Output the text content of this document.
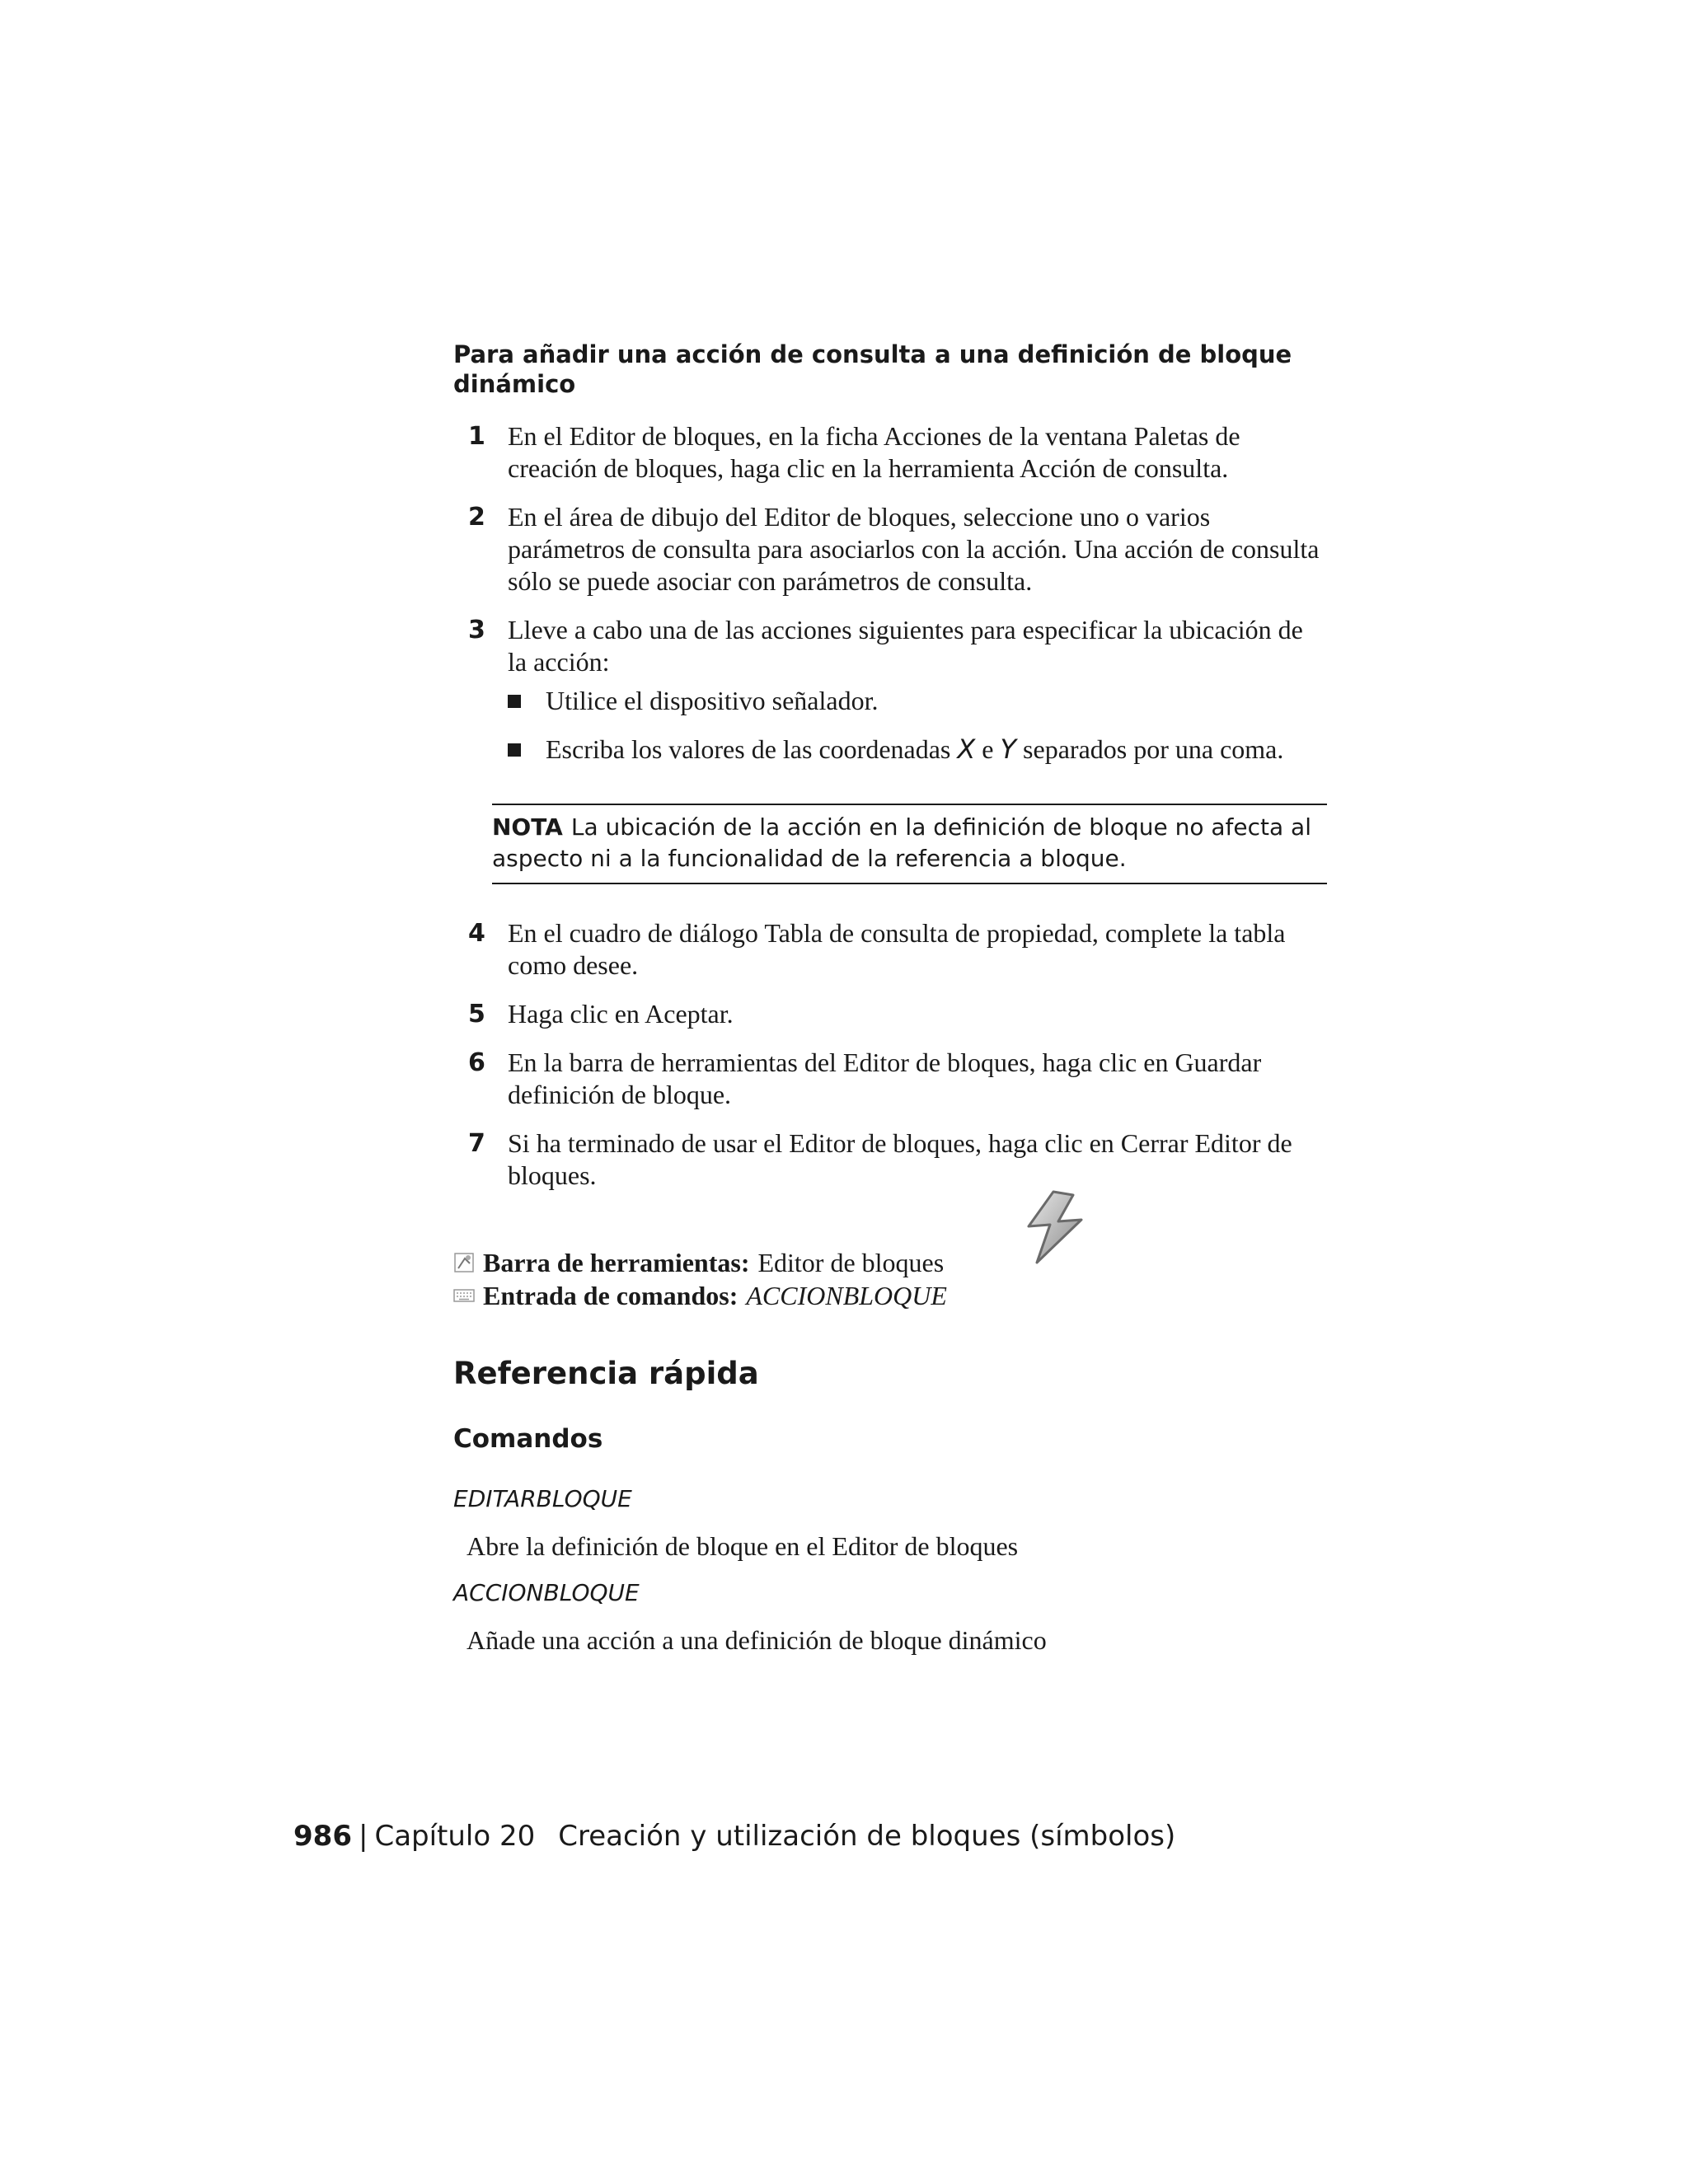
Para añadir una acción de consulta a una definición de bloque dinámico
1 En el Editor de bloques, en la ficha Acciones de la ventana Paletas de creación de bloques, haga clic en la herramienta Acción de consulta.
2 En el área de dibujo del Editor de bloques, seleccione uno o varios parámetros de consulta para asociarlos con la acción. Una acción de consulta sólo se puede asociar con parámetros de consulta.
3 Lleve a cabo una de las acciones siguientes para especificar la ubicación de la acción:
Utilice el dispositivo señalador.
Escriba los valores de las coordenadas X e Y separados por una coma.
NOTA La ubicación de la acción en la definición de bloque no afecta al aspecto ni a la funcionalidad de la referencia a bloque.
4 En el cuadro de diálogo Tabla de consulta de propiedad, complete la tabla como desee.
5 Haga clic en Aceptar.
6 En la barra de herramientas del Editor de bloques, haga clic en Guardar definición de bloque.
7 Si ha terminado de usar el Editor de bloques, haga clic en Cerrar Editor de bloques.
Barra de herramientas: Editor de bloques
Entrada de comandos: ACCIONBLOQUE
Referencia rápida
Comandos
EDITARBLOQUE
Abre la definición de bloque en el Editor de bloques
ACCIONBLOQUE
Añade una acción a una definición de bloque dinámico
986 | Capítulo 20 Creación y utilización de bloques (símbolos)
